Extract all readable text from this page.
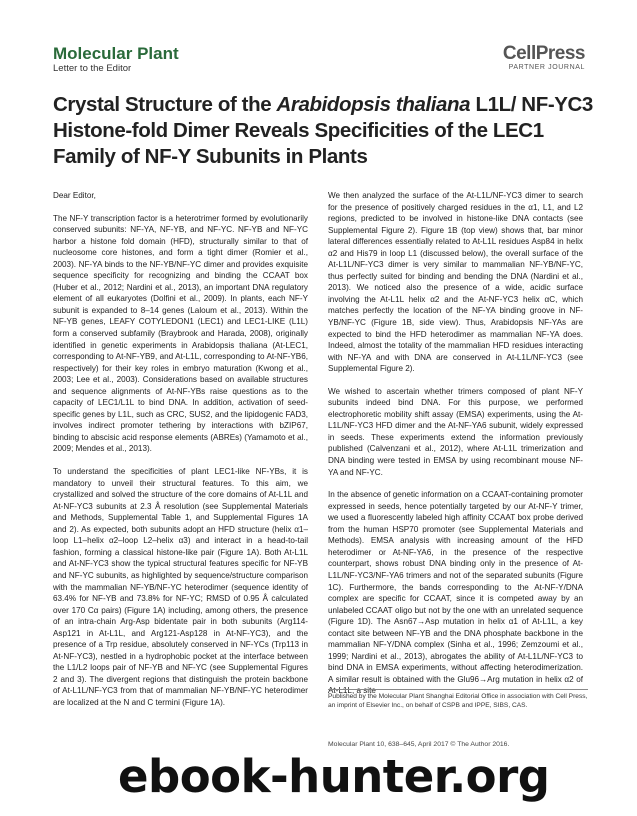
Molecular Plant
Letter to the Editor
CellPress
PARTNER JOURNAL
Crystal Structure of the Arabidopsis thaliana L1L/ NF-YC3 Histone-fold Dimer Reveals Specificities of the LEC1 Family of NF-Y Subunits in Plants

Dear Editor,

The NF-Y transcription factor is a heterotrimer formed by evolutionarily conserved subunits: NF-YA, NF-YB, and NF-YC. NF-YB and NF-YC harbor a histone fold domain (HFD), structurally similar to that of nucleosome core histones, and form a tight dimer (Romier et al., 2003). NF-YA binds to the NF-YB/NF-YC dimer and provides exquisite sequence specificity for recognizing and binding the CCAAT box (Huber et al., 2012; Nardini et al., 2013), an important DNA regulatory element of all eukaryotes (Dolfini et al., 2009). In plants, each NF-Y subunit is expanded to 8–14 genes (Laloum et al., 2013). Within the NF-YB genes, LEAFY COTYLEDON1 (LEC1) and LEC1-LIKE (L1L) form a conserved subfamily (Braybrook and Harada, 2008), originally identified in genetic experiments in Arabidopsis thaliana (At-LEC1, corresponding to At-NF-YB9, and At-L1L, corresponding to At-NF-YB6, respectively) for their key roles in embryo maturation (Kwong et al., 2003; Lee et al., 2003). Considerations based on available structures and sequence alignments of At-NF-YBs raise questions as to the capacity of LEC1/L1L to bind DNA. In addition, activation of seed-specific genes by L1L, such as CRC, SUS2, and the lipidogenic FAD3, involves indirect promoter tethering by interactions with bZIP67, binding to abscisic acid response elements (ABREs) (Yamamoto et al., 2009; Mendes et al., 2013).

To understand the specificities of plant LEC1-like NF-YBs, it is mandatory to unveil their structural features. To this aim, we crystallized and solved the structure of the core domains of At-L1L and At-NF-YC3 subunits at 2.3 Å resolution (see Supplemental Materials and Methods, Supplemental Table 1, and Supplemental Figures 1A and 2). As expected, both subunits adopt an HFD structure (helix α1–loop L1–helix α2–loop L2–helix α3) and interact in a head-to-tail fashion, forming a classical histone-like pair (Figure 1A). Both At-L1L and At-NF-YC3 show the typical structural features specific for NF-YB and NF-YC subunits, as highlighted by sequence/structure comparison with the mammalian NF-YB/NF-YC heterodimer (sequence identity of 63.4% for NF-YB and 73.8% for NF-YC; RMSD of 0.95 Å calculated over 170 Cα pairs) (Figure 1A) including, among others, the presence of an intra-chain Arg-Asp bidentate pair in both subunits (Arg114-Asp121 in At-L1L, and Arg121-Asp128 in At-NF-YC3), and the presence of a Trp residue, absolutely conserved in NF-YCs (Trp113 in At-NF-YC3), nestled in a hydrophobic pocket at the interface between the L1/L2 loops pair of NF-YB and NF-YC (see Supplemental Figures 2 and 3). The divergent regions that distinguish the protein backbone of At-L1L/NF-YC3 from that of mammalian NF-YB/NF-YC heterodimer are localized at the N and C termini (Figure 1A).

We then analyzed the surface of the At-L1L/NF-YC3 dimer to search for the presence of positively charged residues in the α1, L1, and L2 regions, predicted to be involved in histone-like DNA contacts (see Supplemental Figure 2). Figure 1B (top view) shows that, bar minor lateral differences essentially related to At-L1L residues Asp84 in helix α2 and His79 in loop L1 (discussed below), the overall surface of the At-L1L/NF-YC3 dimer is very similar to mammalian NF-YB/NF-YC, thus perfectly suited for binding and bending the DNA (Nardini et al., 2013). We noticed also the presence of a wide, acidic surface involving the At-L1L helix α2 and the At-NF-YC3 helix αC, which matches perfectly the location of the NF-YA binding groove in NF-YB/NF-YC (Figure 1B, side view). Thus, Arabidopsis NF-YAs are expected to bind the HFD heterodimer as mammalian NF-YA does. Indeed, almost the totality of the mammalian HFD residues interacting with NF-YA and with DNA are conserved in At-L1L/NF-YC3 (see Supplemental Figure 2).

We wished to ascertain whether trimers composed of plant NF-Y subunits indeed bind DNA. For this purpose, we performed electrophoretic mobility shift assay (EMSA) experiments, using the At-L1L/NF-YC3 HFD dimer and the At-NF-YA6 subunit, widely expressed in seeds. These experiments extend the information previously published (Calvenzani et al., 2012), where At-L1L trimerization and DNA binding were tested in EMSA by using recombinant mouse NF-YA and NF-YC.

In the absence of genetic information on a CCAAT-containing promoter expressed in seeds, hence potentially targeted by our At-NF-Y trimer, we used a fluorescently labeled high affinity CCAAT box probe derived from the human HSP70 promoter (see Supplemental Materials and Methods). EMSA analysis with increasing amount of the HFD heterodimer or At-NF-YA6, in the presence of the respective counterpart, shows robust DNA binding only in the presence of At-L1L/NF-YC3/NF-YA6 trimers and not of the separated subunits (Figure 1C). Furthermore, the bands corresponding to the At-NF-Y/DNA complex are specific for CCAAT, since it is competed away by an unlabeled CCAAT oligo but not by the one with an unrelated sequence (Figure 1D). The Asn67→Asp mutation in helix α1 of At-L1L, a key contact site between NF-YB and the DNA phosphate backbone in the mammalian NF-Y/DNA complex (Sinha et al., 1996; Zemzoumi et al., 1999; Nardini et al., 2013), abrogates the ability of At-L1L/NF-YC3 to bind DNA in EMSA experiments, without affecting heterodimerization. A similar result is obtained with the Glu96→Arg mutation in helix α2 of At-L1L, a site

Published by the Molecular Plant Shanghai Editorial Office in association with Cell Press, an imprint of Elsevier Inc., on behalf of CSPB and IPPE, SIBS, CAS.
Molecular Plant 10, 638–645, April 2017 © The Author 2016.
ebook-hunter.org
